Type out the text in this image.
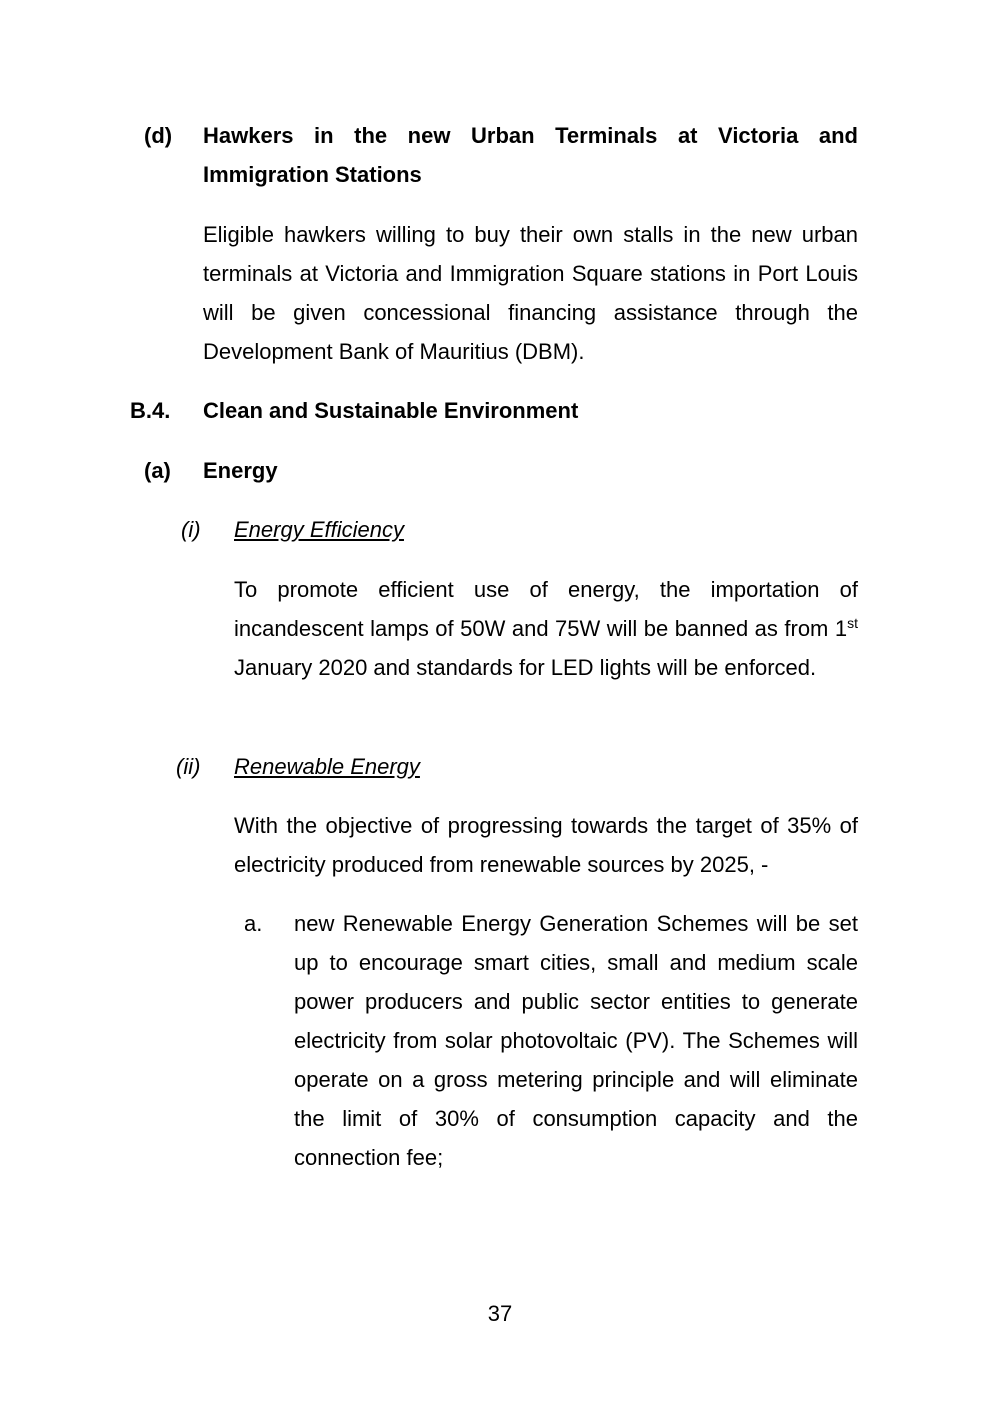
(d) Hawkers in the new Urban Terminals at Victoria and Immigration Stations
Eligible hawkers willing to buy their own stalls in the new urban terminals at Victoria and Immigration Square stations in Port Louis will be given concessional financing assistance through the Development Bank of Mauritius (DBM).
B.4. Clean and Sustainable Environment
(a) Energy
(i) Energy Efficiency
To promote efficient use of energy, the importation of incandescent lamps of 50W and 75W will be banned as from 1st January 2020 and standards for LED lights will be enforced.
(ii) Renewable Energy
With the objective of progressing towards the target of 35% of electricity produced from renewable sources by 2025, -
a. new Renewable Energy Generation Schemes will be set up to encourage smart cities, small and medium scale power producers and public sector entities to generate electricity from solar photovoltaic (PV). The Schemes will operate on a gross metering principle and will eliminate the limit of 30% of consumption capacity and the connection fee;
37
